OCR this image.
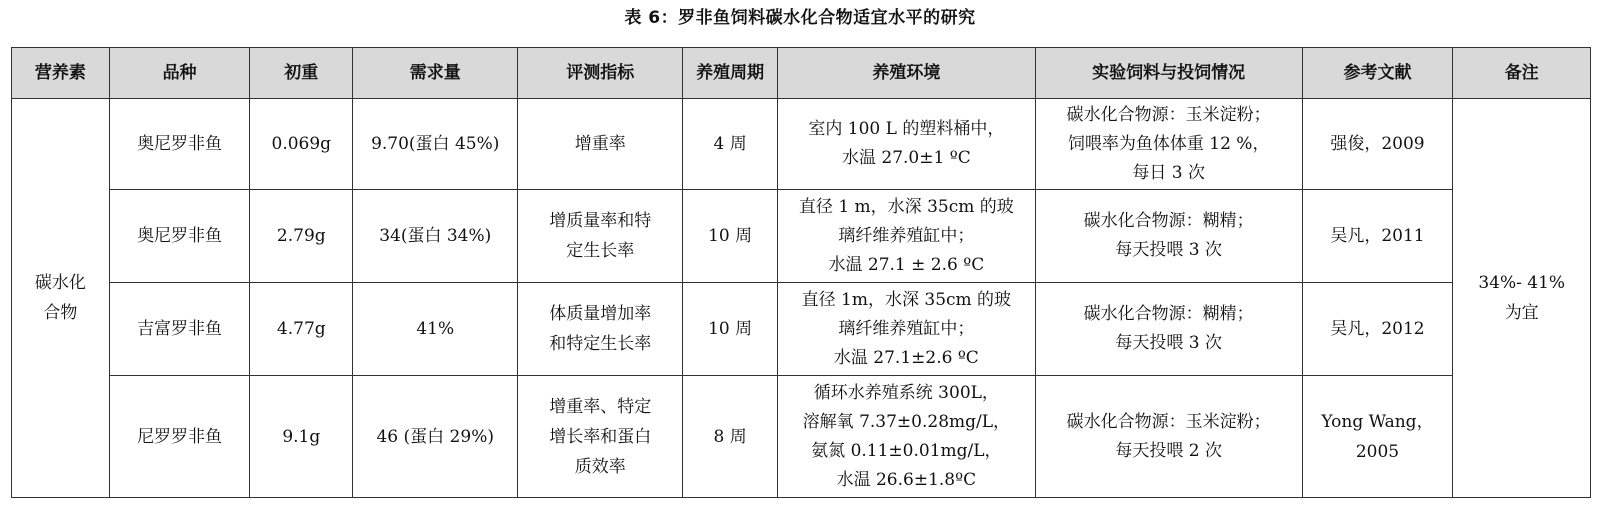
表 6：罗非鱼饲料碳水化合物适宜水平的研究
营养素	品种	初重	需求量	评测指标	养殖周期	养殖环境	实验饲料与投饲情况	参考文献	备注
碳水化
合物	奥尼罗非鱼	0.069g	9.70(蛋白 45%)	增重率	4 周	室内 100 L 的塑料桶中，
水温 27.0±1 ºC	碳水化合物源：玉米淀粉；
饲喂率为鱼体体重 12 %，
每日 3 次	强俊，2009	34%- 41%
为宜
	奥尼罗非鱼	2.79g	34(蛋白 34%)	增质量率和特
定生长率	10 周	直径 1 m，水深 35cm 的玻
璃纤维养殖缸中；
水温 27.1 ± 2.6 ºC	碳水化合物源：糊精；
每天投喂 3 次	吴凡，2011	
	吉富罗非鱼	4.77g	41%	体质量增加率
和特定生长率	10 周	直径 1m，水深 35cm 的玻
璃纤维养殖缸中；
水温 27.1±2.6 ºC	碳水化合物源：糊精；
每天投喂 3 次	吴凡，2012	
	尼罗罗非鱼	9.1g	46 (蛋白 29%)	增重率、特定
增长率和蛋白
质效率	8 周	循环水养殖系统 300L，
溶解氧 7.37±0.28mg/L，
氨氮 0.11±0.01mg/L，
水温 26.6±1.8ºC	碳水化合物源：玉米淀粉；
每天投喂 2 次	Yong Wang，
2005	
